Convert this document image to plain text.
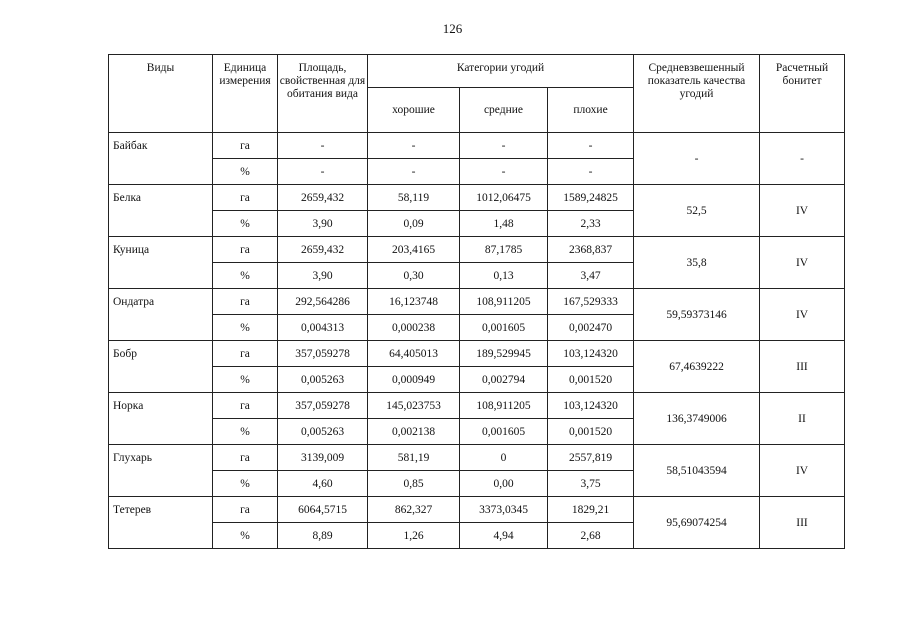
126
Виды	Единица измерения	Площадь, свойственная для обитания вида	Категории угодий			Средневзвешенный показатель качества угодий	Расчетный бонитет
			хорошие	средние	плохие		
Байбак	га	-	-	-	-	-	-
	%	-	-	-	-		
Белка	га	2659,432	58,119	1012,06475	1589,24825	52,5	IV
	%	3,90	0,09	1,48	2,33		
Куница	га	2659,432	203,4165	87,1785	2368,837	35,8	IV
	%	3,90	0,30	0,13	3,47		
Ондатра	га	292,564286	16,123748	108,911205	167,529333	59,59373146	IV
	%	0,004313	0,000238	0,001605	0,002470		
Бобр	га	357,059278	64,405013	189,529945	103,124320	67,4639222	III
	%	0,005263	0,000949	0,002794	0,001520		
Норка	га	357,059278	145,023753	108,911205	103,124320	136,3749006	II
	%	0,005263	0,002138	0,001605	0,001520		
Глухарь	га	3139,009	581,19	0	2557,819	58,51043594	IV
	%	4,60	0,85	0,00	3,75		
Тетерев	га	6064,5715	862,327	3373,0345	1829,21	95,69074254	III
	%	8,89	1,26	4,94	2,68		
